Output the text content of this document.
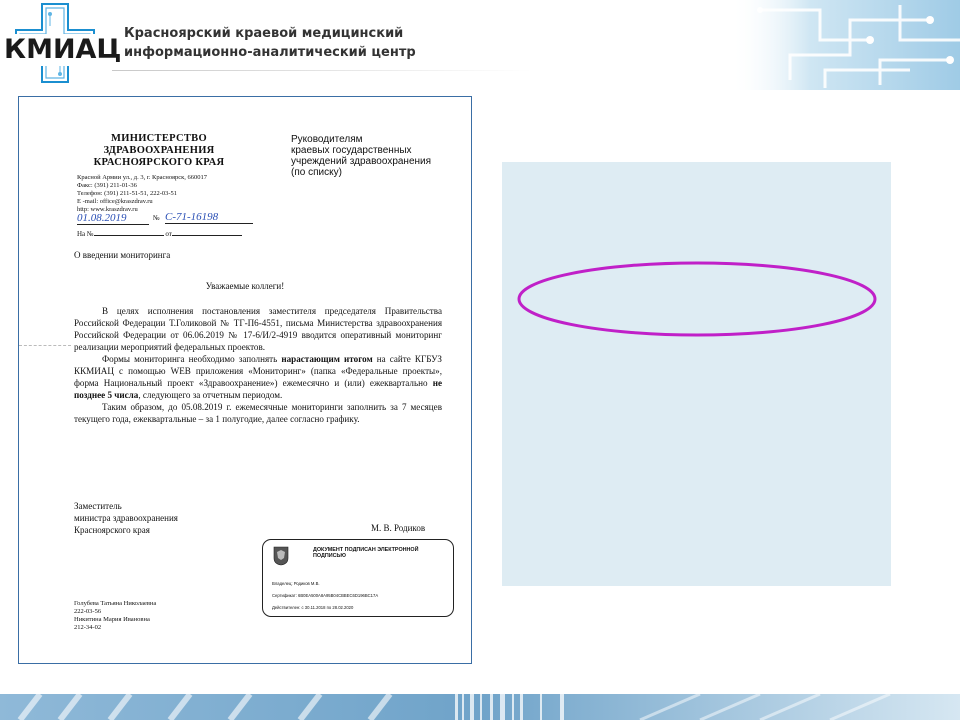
КМИАЦ
Красноярский краевой медицинский
информационно-аналитический центр
МИНИСТЕРСТВО
ЗДРАВООХРАНЕНИЯ
КРАСНОЯРСКОГО КРАЯ
Руководителям
краевых государственных
учреждений здравоохранения
(по списку)
Красной Армии ул., д. 3, г. Красноярск, 660017
Факс: (391) 211-01-36
Телефон: (391) 211-51-51, 222-03-51
E -mail: office@kraszdrav.ru
http: www.kraszdrav.ru
01.08.2019	№ С-71-16198
На №	от
О введении мониторинга
Уважаемые коллеги!

В целях исполнения постановления заместителя председателя Правительства Российской Федерации Т.Голиковой № ТГ-П6-4551, письма Министерства здравоохранения Российской Федерации от 06.06.2019 № 17-6/И/2-4919 вводится оперативный мониторинг реализации мероприятий федеральных проектов.

Формы мониторинга необходимо заполнять нарастающим итогом на сайте КГБУЗ ККМИАЦ с помощью WEB приложения «Мониторинг» (папка «Федеральные проекты», форма Национальный проект «Здравоохранение») ежемесячно и (или) ежеквартально не позднее 5 числа, следующего за отчетным периодом.

Таким образом, до 05.08.2019 г. ежемесячные мониторинги заполнить за 7 месяцев текущего года, ежеквартальные – за 1 полугодие, далее согласно графику.

Заместитель
министра здравоохранения
Красноярского края	М. В. Родиков
ДОКУМЕНТ ПОДПИСАН ЭЛЕКТРОННОЙ
ПОДПИСЬЮ
Владелец: Родиков М.В.
Сертификат: 6B0EA500A8A95B04CBBEC6D196BC17A
Действителен: с 30.11.2018 по 28.02.2020
Голубева Татьяна Николаевна
222-03-56
Никитина Мария Ивановна
212-34-02
